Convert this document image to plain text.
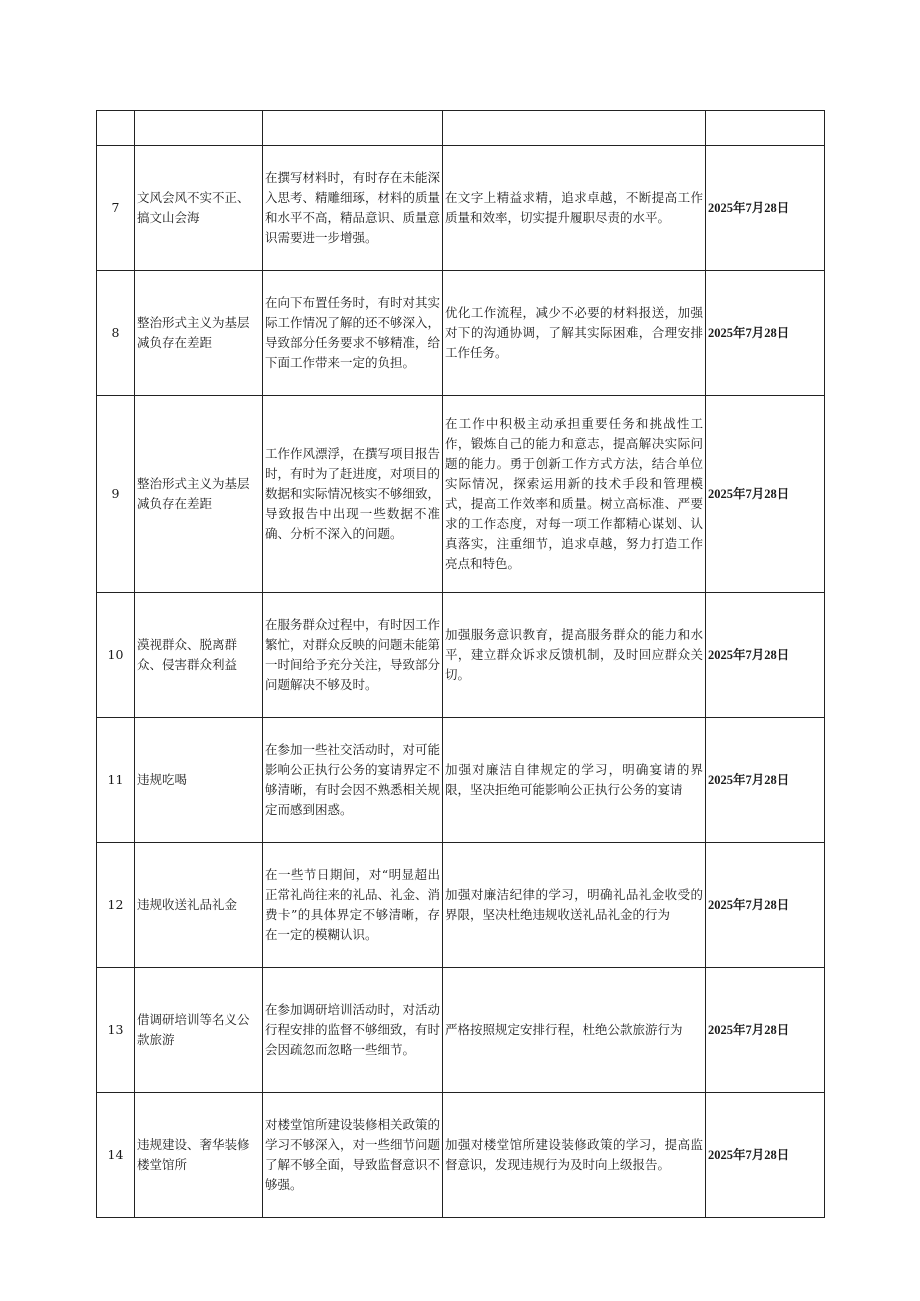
7	文风会风不实不正、搞文山会海	在撰写材料时，有时存在未能深入思考、精雕细琢，材料的质量和水平不高，精品意识、质量意识需要进一步增强。	在文字上精益求精，追求卓越，不断提高工作质量和效率，切实提升履职尽责的水平。	2025年7月28日
8	整治形式主义为基层减负存在差距	在向下布置任务时，有时对其实际工作情况了解的还不够深入，导致部分任务要求不够精准，给下面工作带来一定的负担。	优化工作流程，减少不必要的材料报送，加强对下的沟通协调，了解其实际困难，合理安排工作任务。	2025年7月28日
9	整治形式主义为基层减负存在差距	工作作风漂浮，在撰写项目报告时，有时为了赶进度，对项目的数据和实际情况核实不够细致，导致报告中出现一些数据不准确、分析不深入的问题。	在工作中积极主动承担重要任务和挑战性工作，锻炼自己的能力和意志，提高解决实际问题的能力。勇于创新工作方式方法，结合单位实际情况，探索运用新的技术手段和管理模式，提高工作效率和质量。树立高标准、严要求的工作态度，对每一项工作都精心谋划、认真落实，注重细节，追求卓越，努力打造工作亮点和特色。	2025年7月28日
10	漠视群众、脱离群众、侵害群众利益	在服务群众过程中，有时因工作繁忙，对群众反映的问题未能第一时间给予充分关注，导致部分问题解决不够及时。	加强服务意识教育，提高服务群众的能力和水平，建立群众诉求反馈机制，及时回应群众关切。	2025年7月28日
11	违规吃喝	在参加一些社交活动时，对可能影响公正执行公务的宴请界定不够清晰，有时会因不熟悉相关规定而感到困惑。	加强对廉洁自律规定的学习，明确宴请的界限，坚决拒绝可能影响公正执行公务的宴请	2025年7月28日
12	违规收送礼品礼金	在一些节日期间，对“明显超出正常礼尚往来的礼品、礼金、消费卡”的具体界定不够清晰，存在一定的模糊认识。	加强对廉洁纪律的学习，明确礼品礼金收受的界限，坚决杜绝违规收送礼品礼金的行为	2025年7月28日
13	借调研培训等名义公款旅游	在参加调研培训活动时，对活动行程安排的监督不够细致，有时会因疏忽而忽略一些细节。	严格按照规定安排行程，杜绝公款旅游行为	2025年7月28日
14	违规建设、奢华装修楼堂馆所	对楼堂馆所建设装修相关政策的学习不够深入，对一些细节问题了解不够全面，导致监督意识不够强。	加强对楼堂馆所建设装修政策的学习，提高监督意识，发现违规行为及时向上级报告。	2025年7月28日
